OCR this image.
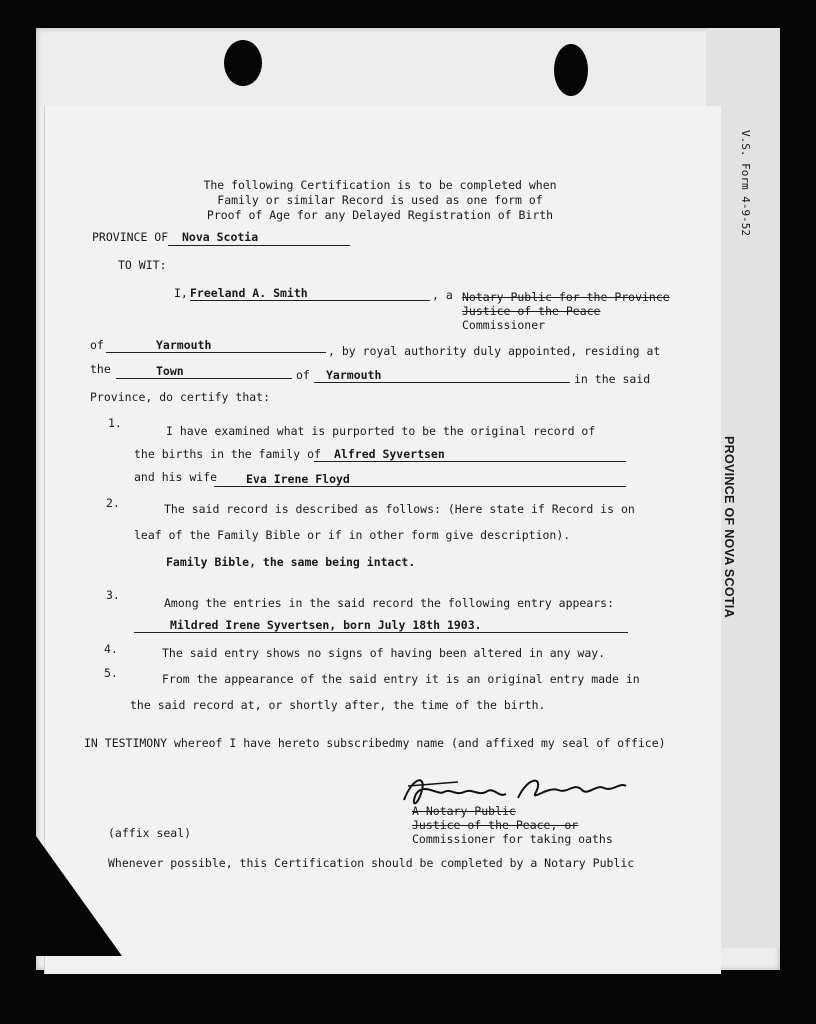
V.S. Form 4-9-52
PROVINCE OF NOVA SCOTIA
The following Certification is to be completed when
Family or similar Record is used as one form of
Proof of Age for any Delayed Registration of Birth
PROVINCE OF Nova Scotia
TO WIT:
I, Freeland A. Smith	, a Notary Public for the Province
Justice of the Peace
Commissioner
of	Yarmouth	, by royal authority duly appointed, residing at
the	Town	of Yarmouth	in the said
Province, do certify that:
1.
I have examined what is purported to be the original record of
the births in the family of Alfred Syvertsen
and his wife	Eva Irene Floyd
2.	The said record is described as follows: (Here state if Record is on
leaf of the Family Bible or if in other form give description).
Family Bible, the same being intact.
3.
Among the entries in the said record the following entry appears:
Mildred Irene Syvertsen, born July 18th 1903.
4.	The said entry shows no signs of having been altered in any way.
5.	From the appearance of the said entry it is an original entry made in
the said record at, or shortly after, the time of the birth.
IN TESTIMONY whereof I have hereto subscribedmy name (and affixed my seal of office)
A Notary Public
Justice of the Peace, or
Commissioner for taking oaths
(affix seal)
Whenever possible, this Certification should be completed by a Notary Public
